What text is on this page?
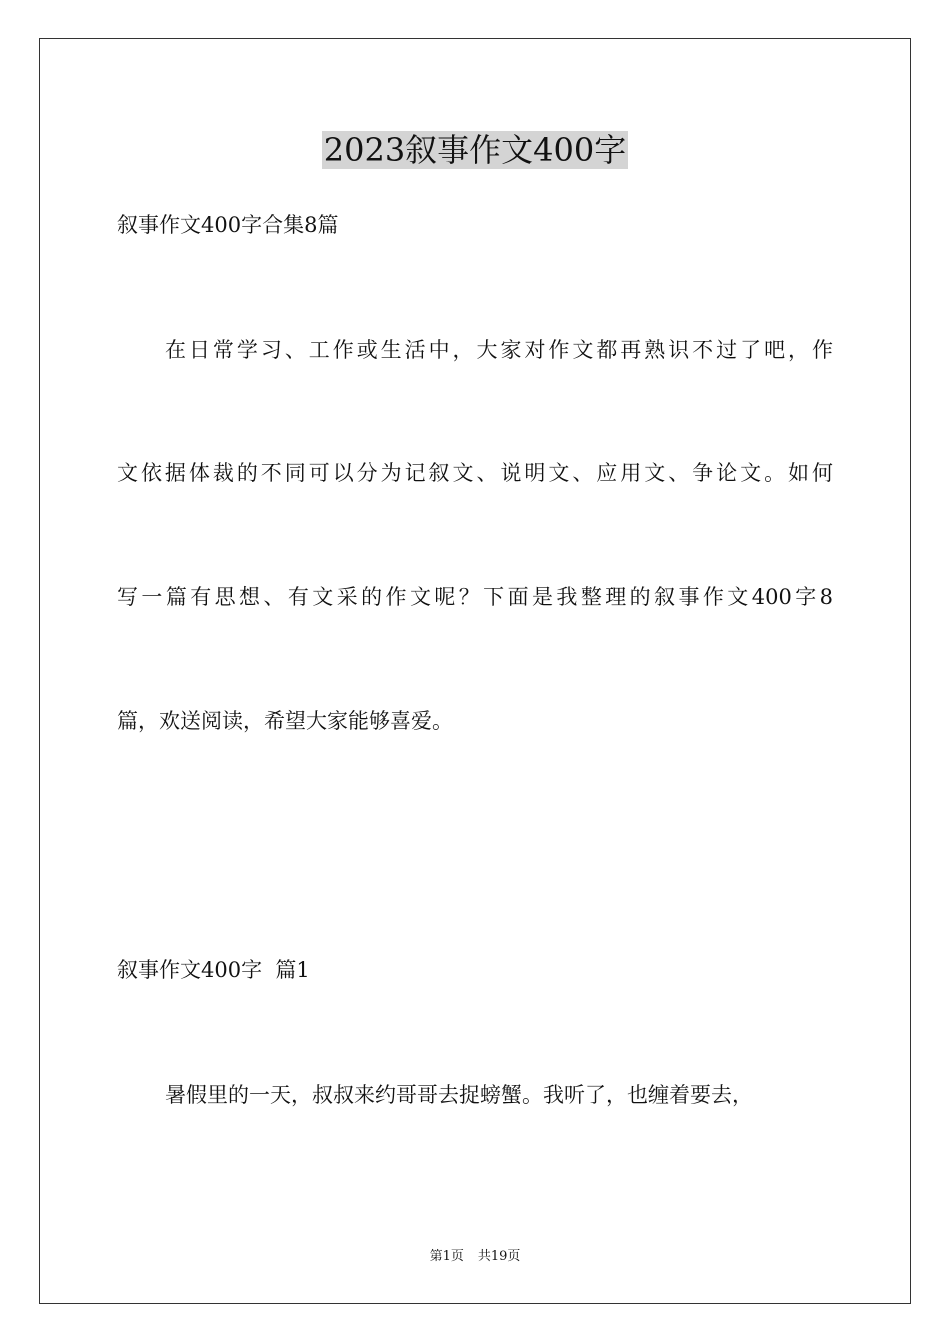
2023叙事作文400字
叙事作文400字合集8篇
在日常学习、工作或生活中，大家对作文都再熟识不过了吧，作
文依据体裁的不同可以分为记叙文、说明文、应用文、争论文。如何
写一篇有思想、有文采的作文呢？下面是我整理的叙事作文400字8
篇，欢送阅读，希望大家能够喜爱。
叙事作文400字  篇1
暑假里的一天，叔叔来约哥哥去捉螃蟹。我听了，也缠着要去，
第1页 共19页
